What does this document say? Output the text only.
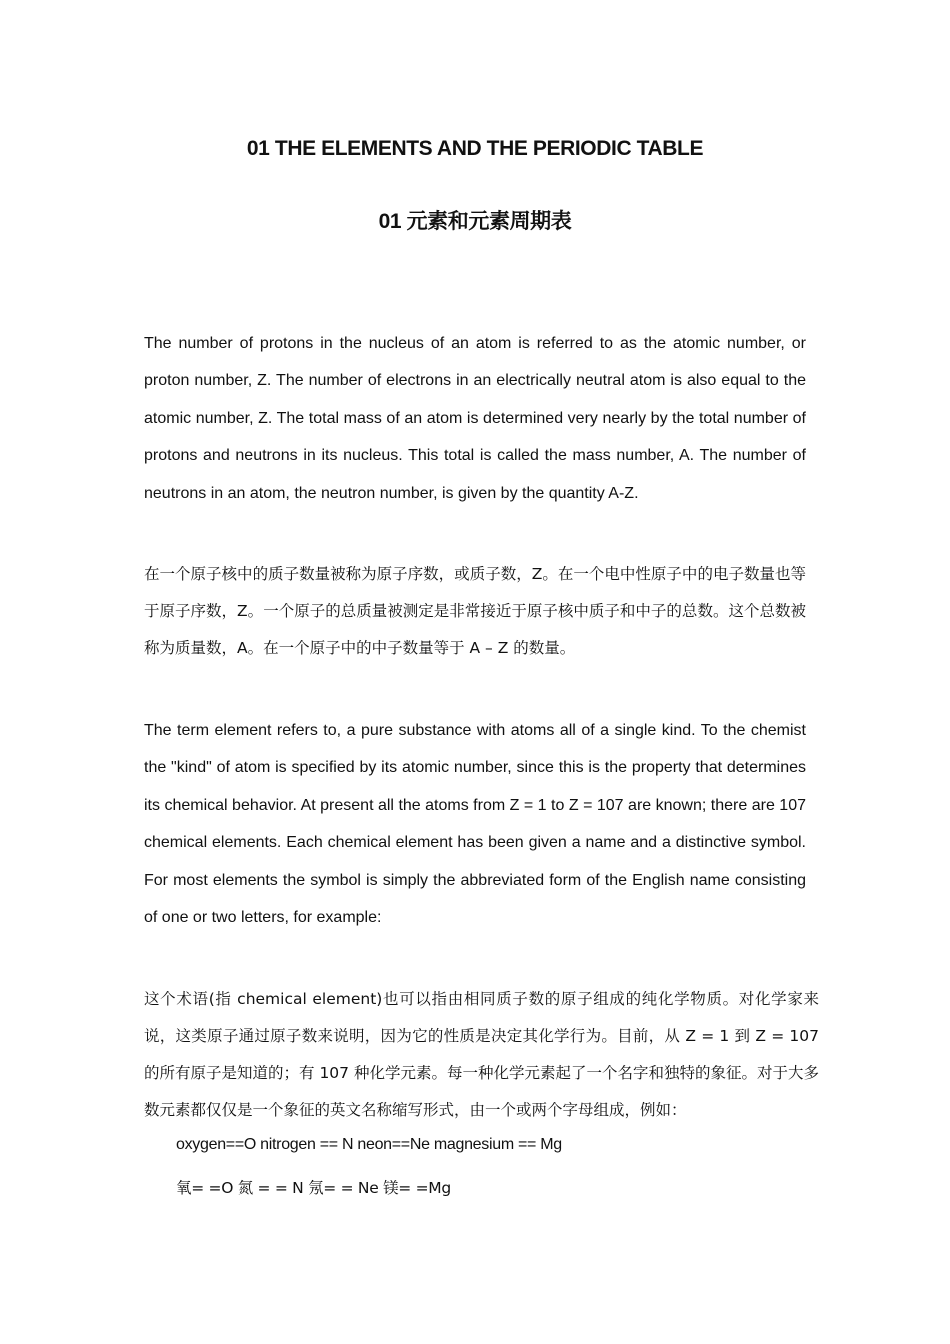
01 THE ELEMENTS AND THE PERIODIC TABLE
01 元素和元素周期表

The number of protons in the nucleus of an atom is referred to as the atomic number, or proton number, Z. The number of electrons in an electrically neutral atom is also equal to the atomic number, Z. The total mass of an atom is determined very nearly by the total number of protons and neutrons in its nucleus. This total is called the mass number, A. The number of neutrons in an atom, the neutron number, is given by the quantity A-Z.

在一个原子核中的质子数量被称为原子序数，或质子数，Z。在一个电中性原子中的电子数量也等于原子序数，Z。一个原子的总质量被测定是非常接近于原子核中质子和中子的总数。这个总数被称为质量数，A。在一个原子中的中子数量等于 A – Z 的数量。

The term element refers to, a pure substance with atoms all of a single kind. To the chemist the "kind" of atom is specified by its atomic number, since this is the property that determines its chemical behavior. At present all the atoms from Z = 1 to Z = 107 are known; there are 107 chemical elements. Each chemical element has been given a name and a distinctive symbol. For most elements the symbol is simply the abbreviated form of the English name consisting of one or two letters, for example:

这个术语(指 chemical element)也可以指由相同质子数的原子组成的纯化学物质。对化学家来说，这类原子通过原子数来说明，因为它的性质是决定其化学行为。目前，从 Z = 1 到 Z = 107 的所有原子是知道的；有 107 种化学元素。每一种化学元素起了一个名字和独特的象征。对于大多数元素都仅仅是一个象征的英文名称缩写形式，由一个或两个字母组成，例如：

oxygen==O nitrogen == N neon==Ne magnesium == Mg

氧= =O 氮 = = N 氖= = Ne 镁= =Mg
